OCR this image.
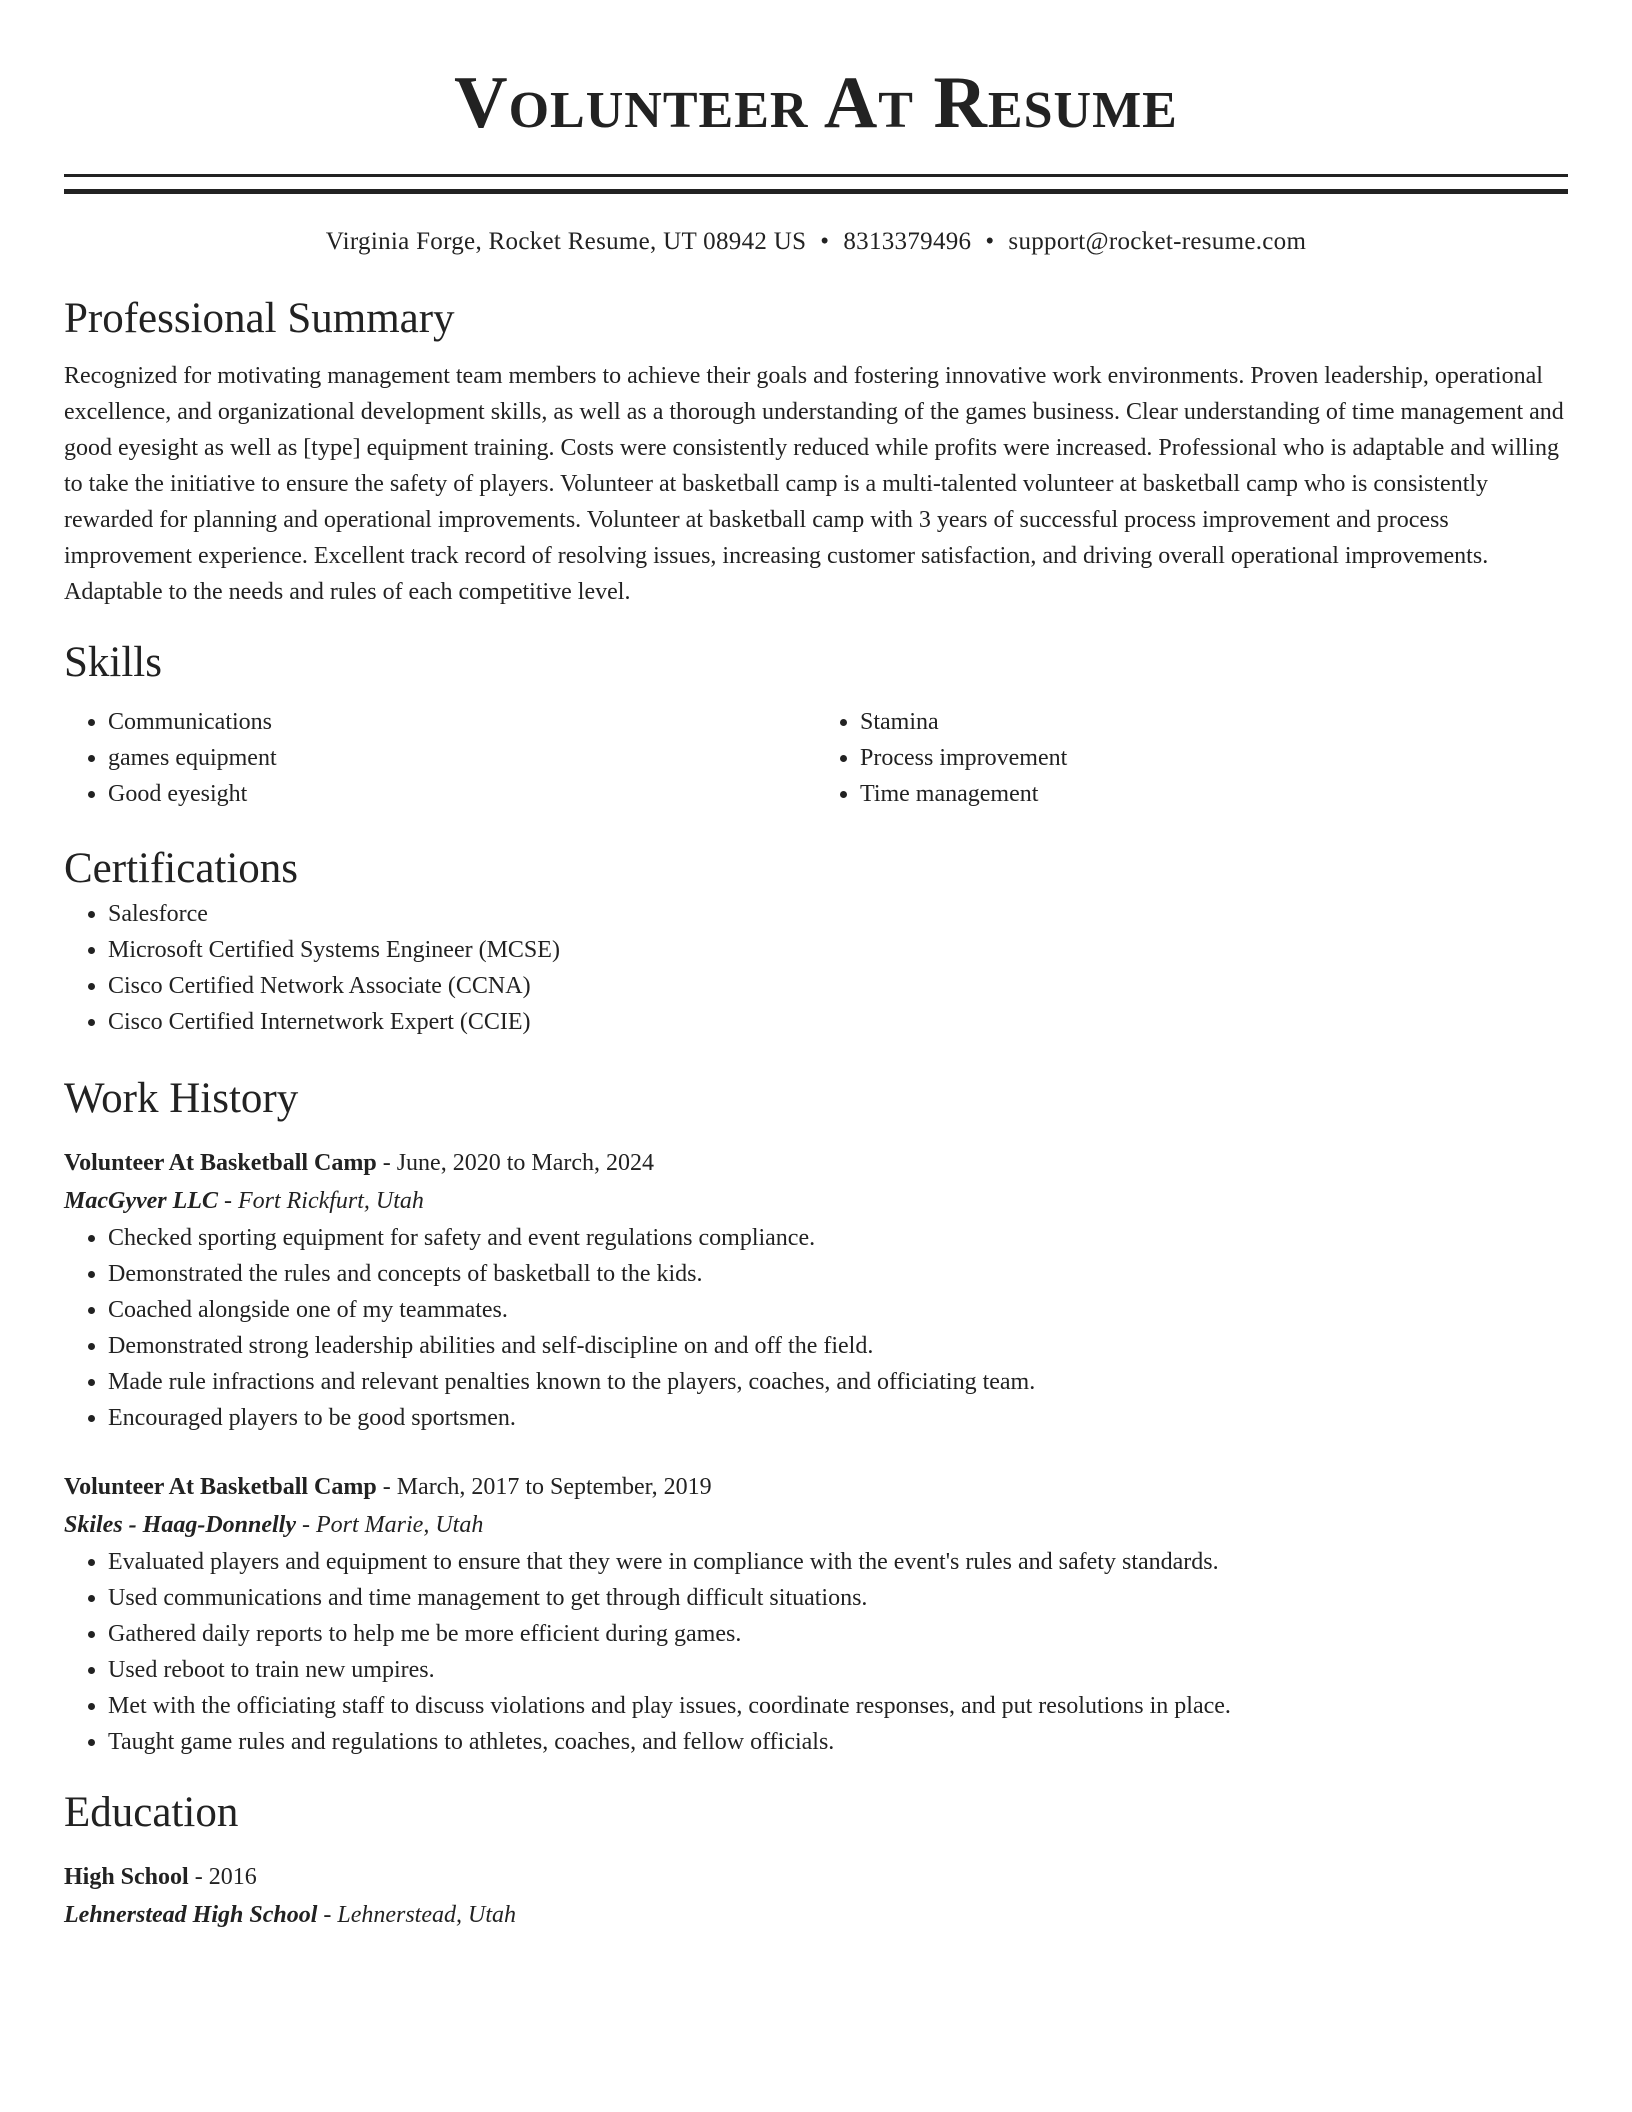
Volunteer At Resume
Virginia Forge, Rocket Resume, UT 08942 US • 8313379496 • support@rocket-resume.com
Professional Summary

Recognized for motivating management team members to achieve their goals and fostering innovative work environments. Proven leadership, operational excellence, and organizational development skills, as well as a thorough understanding of the games business. Clear understanding of time management and good eyesight as well as [type] equipment training. Costs were consistently reduced while profits were increased. Professional who is adaptable and willing to take the initiative to ensure the safety of players. Volunteer at basketball camp is a multi-talented volunteer at basketball camp who is consistently rewarded for planning and operational improvements. Volunteer at basketball camp with 3 years of successful process improvement and process improvement experience. Excellent track record of resolving issues, increasing customer satisfaction, and driving overall operational improvements. Adaptable to the needs and rules of each competitive level.

Skills
• Communications
• games equipment
• Good eyesight
• Stamina
• Process improvement
• Time management
Certifications
• Salesforce
• Microsoft Certified Systems Engineer (MCSE)
• Cisco Certified Network Associate (CCNA)
• Cisco Certified Internetwork Expert (CCIE)
Work History
Volunteer At Basketball Camp - June, 2020 to March, 2024
MacGyver LLC - Fort Rickfurt, Utah
• Checked sporting equipment for safety and event regulations compliance.
• Demonstrated the rules and concepts of basketball to the kids.
• Coached alongside one of my teammates.
• Demonstrated strong leadership abilities and self-discipline on and off the field.
• Made rule infractions and relevant penalties known to the players, coaches, and officiating team.
• Encouraged players to be good sportsmen.
Volunteer At Basketball Camp - March, 2017 to September, 2019
Skiles - Haag-Donnelly - Port Marie, Utah
• Evaluated players and equipment to ensure that they were in compliance with the event's rules and safety standards.
• Used communications and time management to get through difficult situations.
• Gathered daily reports to help me be more efficient during games.
• Used reboot to train new umpires.
• Met with the officiating staff to discuss violations and play issues, coordinate responses, and put resolutions in place.
• Taught game rules and regulations to athletes, coaches, and fellow officials.
Education
High School - 2016
Lehnerstead High School - Lehnerstead, Utah
